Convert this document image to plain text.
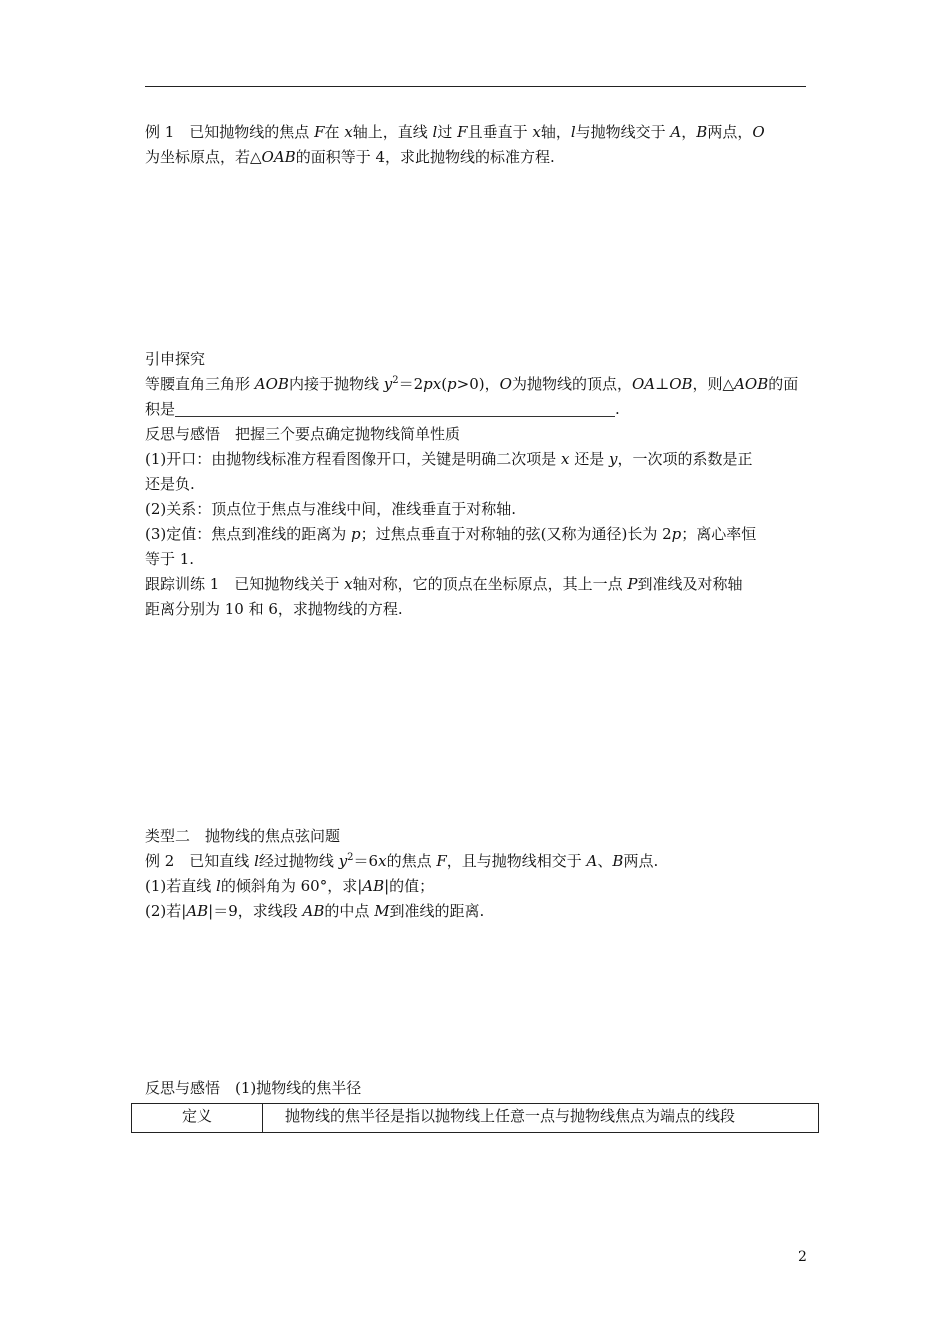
例 1　已知抛物线的焦点 F在 x轴上，直线 l过 F且垂直于 x轴，l与抛物线交于 A，B两点，O
为坐标原点，若△OAB的面积等于 4，求此抛物线的标准方程.
引申探究
等腰直角三角形 AOB内接于抛物线 $y^2=2px(p>0)$，O为抛物线的顶点，OA⊥OB，则△AOB的面
积是	.
反思与感悟　把握三个要点确定抛物线简单性质
(1)开口：由抛物线标准方程看图像开口，关键是明确二次项是 x 还是 y，一次项的系数是正
还是负.
(2)关系：顶点位于焦点与准线中间，准线垂直于对称轴.
(3)定值：焦点到准线的距离为 p；过焦点垂直于对称轴的弦(又称为通径)长为 2p；离心率恒
等于 1.
跟踪训练 1　已知抛物线关于 x轴对称，它的顶点在坐标原点，其上一点 P到准线及对称轴
距离分别为 10 和 6，求抛物线的方程.
类型二　抛物线的焦点弦问题
例 2　已知直线 l经过抛物线 $y^2=6x$的焦点 F，且与抛物线相交于 A、B两点.
(1)若直线 l的倾斜角为 60°，求|AB|的值；
(2)若|AB|＝9，求线段 AB的中点 M到准线的距离.
反思与感悟　(1)抛物线的焦半径
定义	抛物线的焦半径是指以抛物线上任意一点与抛物线焦点为端点的线段
2
